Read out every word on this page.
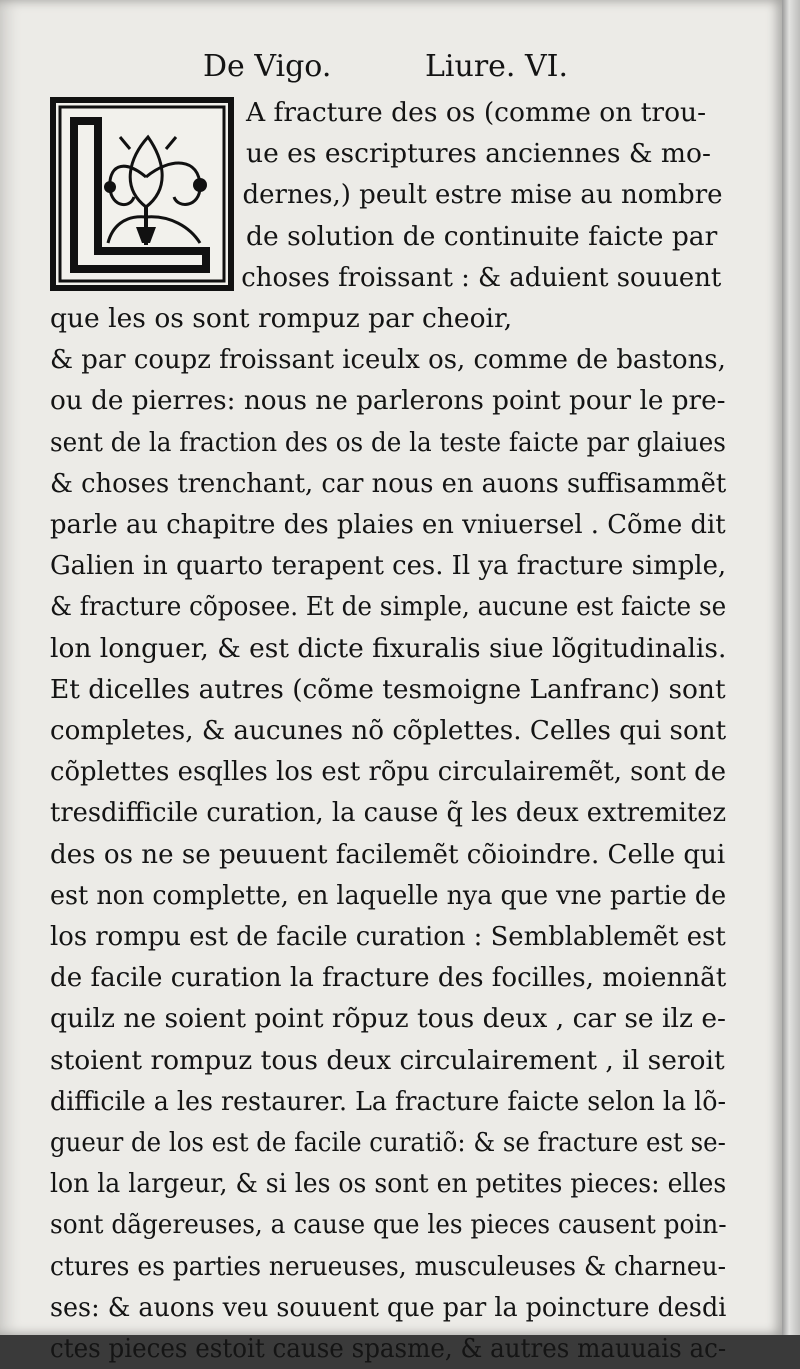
De Vigo.	Liure. VI.
A fracture des os (comme on trou-
ue es escriptures anciennes & mo-
dernes,) peult estre mise au nombre
de solution de continuite faicte par
choses froissant : & aduient souuent
que les os sont rompuz par cheoir,
& par coupz froissant iceulx os, comme de bastons,
ou de pierres: nous ne parlerons point pour le pre-
sent de la fraction des os de la teste faicte par glaiues
& choses trenchant, car nous en auons suffisammẽt
parle au chapitre des plaies en vniuersel . Cõme dit
Galien in quarto terapent ces. Il ya fracture simple,
& fracture cõposee. Et de simple, aucune est faicte se
lon longuer, & est dicte fixuralis siue lõgitudinalis.
Et dicelles autres (cõme tesmoigne Lanfranc) sont
completes, & aucunes nõ cõplettes. Celles qui sont
cõplettes esqlles los est rõpu circulairemẽt, sont de
tresdifficile curation, la cause q̃ les deux extremitez
des os ne se peuuent facilemẽt cõioindre. Celle qui
est non complette, en laquelle nya que vne partie de
los rompu est de facile curation : Semblablemẽt est
de facile curation la fracture des focilles, moiennãt
quilz ne soient point rõpuz tous deux , car se ilz e-
stoient rompuz tous deux circulairement , il seroit
difficile a les restaurer. La fracture faicte selon la lõ-
gueur de los est de facile curatiõ: & se fracture est se-
lon la largeur, & si les os sont en petites pieces: elles
sont dãgereuses, a cause que les pieces causent poin-
ctures es parties nerueuses, musculeuses & charneu-
ses: & auons veu souuent que par la poincture desdi
ctes pieces estoit cause spasme, & autres mauuais ac-
